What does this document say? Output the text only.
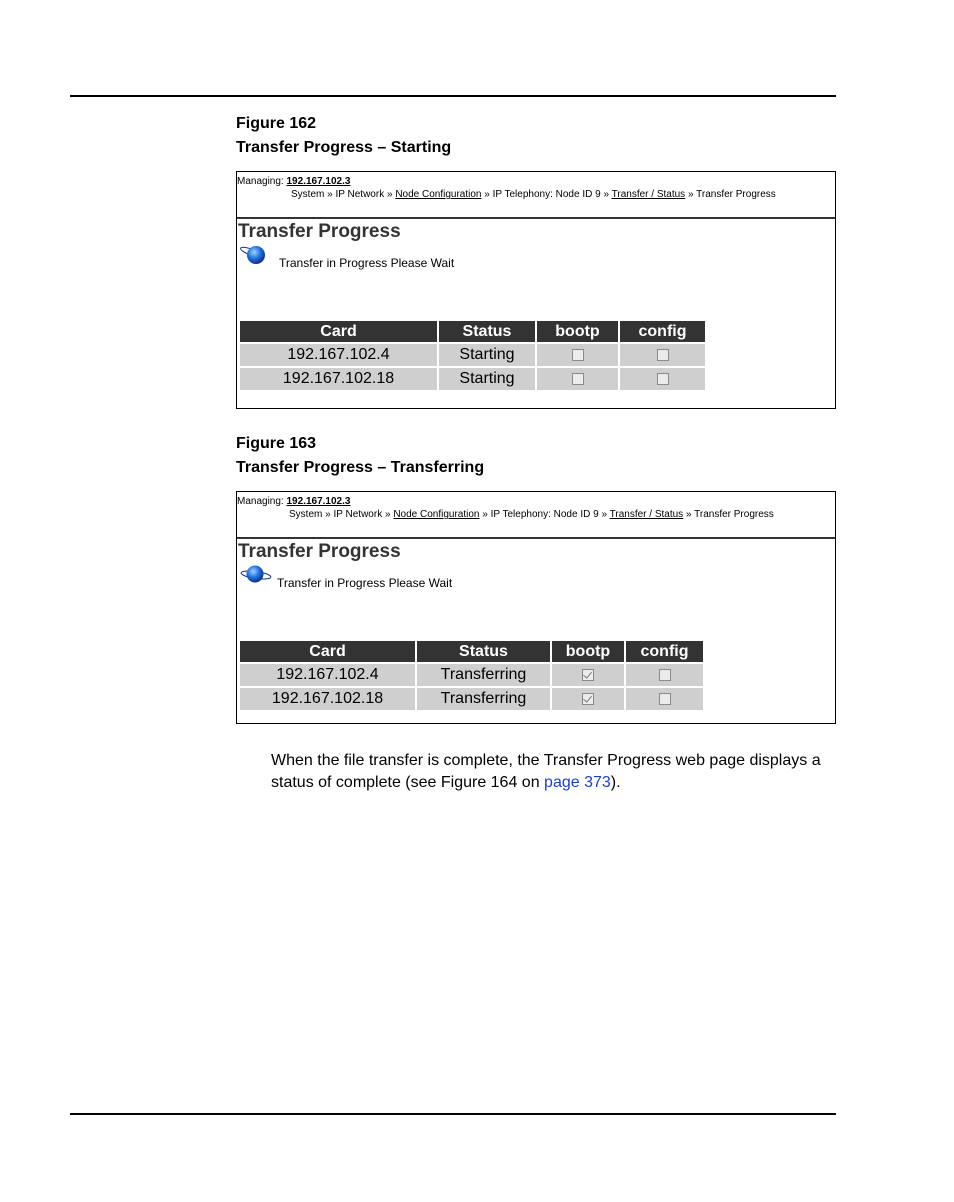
Figure 162
Transfer Progress – Starting
Managing: 192.167.102.3
System » IP Network » Node Configuration » IP Telephony: Node ID 9 » Transfer / Status » Transfer Progress
Transfer Progress
Transfer in Progress Please Wait
Card	Status	bootp	config
192.167.102.4	Starting		
192.167.102.18	Starting		
Figure 163
Transfer Progress – Transferring
Managing: 192.167.102.3
System » IP Network » Node Configuration » IP Telephony: Node ID 9 » Transfer / Status » Transfer Progress
Transfer Progress
Transfer in Progress Please Wait
Card	Status	bootp	config
192.167.102.4	Transferring		
192.167.102.18	Transferring		
When the file transfer is complete, the Transfer Progress web page displays a status of complete (see Figure 164 on page 373).
